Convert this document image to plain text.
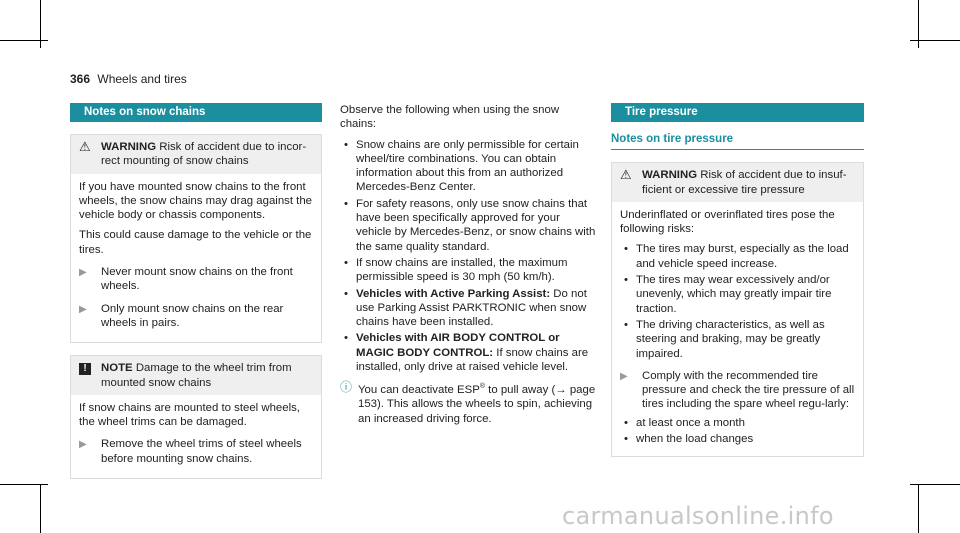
366 Wheels and tires
Notes on snow chains
⚠ WARNING Risk of accident due to incor-rect mounting of snow chains

If you have mounted snow chains to the front wheels, the snow chains may drag against the vehicle body or chassis components.

This could cause damage to the vehicle or the tires.

▶	Never mount snow chains on the front wheels.
▶	Only mount snow chains on the rear wheels in pairs.
!	NOTE Damage to the wheel trim from mounted snow chains

If snow chains are mounted to steel wheels, the wheel trims can be damaged.

▶	Remove the wheel trims of steel wheels before mounting snow chains.

Observe the following when using the snow chains:

• Snow chains are only permissible for certain wheel/tire combinations. You can obtain information about this from an authorized Mercedes-Benz Center.
• For safety reasons, only use snow chains that have been specifically approved for your vehicle by Mercedes-Benz, or snow chains with the same quality standard.
• If snow chains are installed, the maximum permissible speed is 30 mph (50 km/h).
• Vehicles with Active Parking Assist: Do not use Parking Assist PARKTRONIC when snow chains have been installed.
• Vehicles with AIR BODY CONTROL or MAGIC BODY CONTROL: If snow chains are installed, only drive at raised vehicle level.
ⓘ You can deactivate ESP® to pull away (→ page 153). This allows the wheels to spin, achieving an increased driving force.
Tire pressure
Notes on tire pressure
⚠ WARNING Risk of accident due to insuf-ficient or excessive tire pressure

Underinflated or overinflated tires pose the following risks:

• The tires may burst, especially as the load and vehicle speed increase.
• The tires may wear excessively and/or unevenly, which may greatly impair tire traction.
• The driving characteristics, as well as steering and braking, may be greatly impaired.
▶	Comply with the recommended tire pressure and check the tire pressure of all tires including the spare wheel regu-larly:
• at least once a month
• when the load changes
carmanualsonline.info
